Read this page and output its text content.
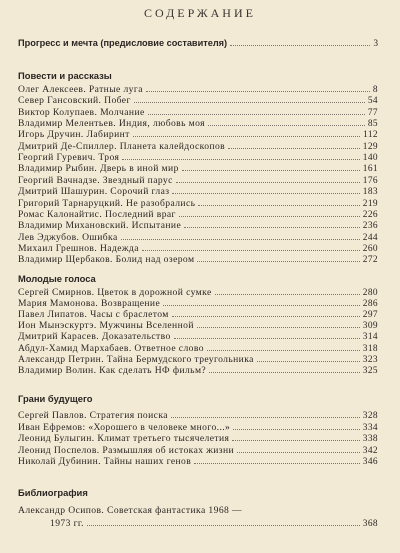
СОДЕРЖАНИЕ
Прогресс и мечта (предисловие составителя)	3
Повести и рассказы
Олег Алексеев. Ратные луга	8
Север Гансовский. Побег	54
Виктор Колупаев. Молчание	77
Владимир Мелентьев. Индия, любовь моя	85
Игорь Дручин. Лабиринт	112
Дмитрий Де-Спиллер. Планета калейдоскопов	129
Георгий Гуревич. Троя	140
Владимир Рыбин. Дверь в иной мир	161
Георгий Вачнадзе. Звездный парус	176
Дмитрий Шашурин. Сорочий глаз	183
Григорий Тарнаруцкий. Не разобрались	219
Ромас Калонайтис. Последний враг	226
Владимир Михановский. Испытание	236
Лев Эджубов. Ошибка	244
Михаил Грешнов. Надежда	260
Владимир Щербаков. Болид над озером	272
Молодые голоса
Сергей Смирнов. Цветок в дорожной сумке	280
Мария Мамонова. Возвращение	286
Павел Липатов. Часы с браслетом	297
Ион Мынэскуртэ. Мужчины Вселенной	309
Дмитрий Карасев. Доказательство	314
Абдул-Хамид Мархабаев. Ответное слово	318
Александр Петрин. Тайна Бермудского треугольника	323
Владимир Волин. Как сделать НФ фильм?	325
Грани будущего
Сергей Павлов. Стратегия поиска	328
Иван Ефремов: «Хорошего в человеке много...»	334
Леонид Булыгин. Климат третьего тысячелетия	338
Леонид Поспелов. Размышляя об истоках жизни	342
Николай Дубинин. Тайны наших генов	346
Библиография
Александр Осипов. Советская фантастика 1968 —
1973 гг.	368
